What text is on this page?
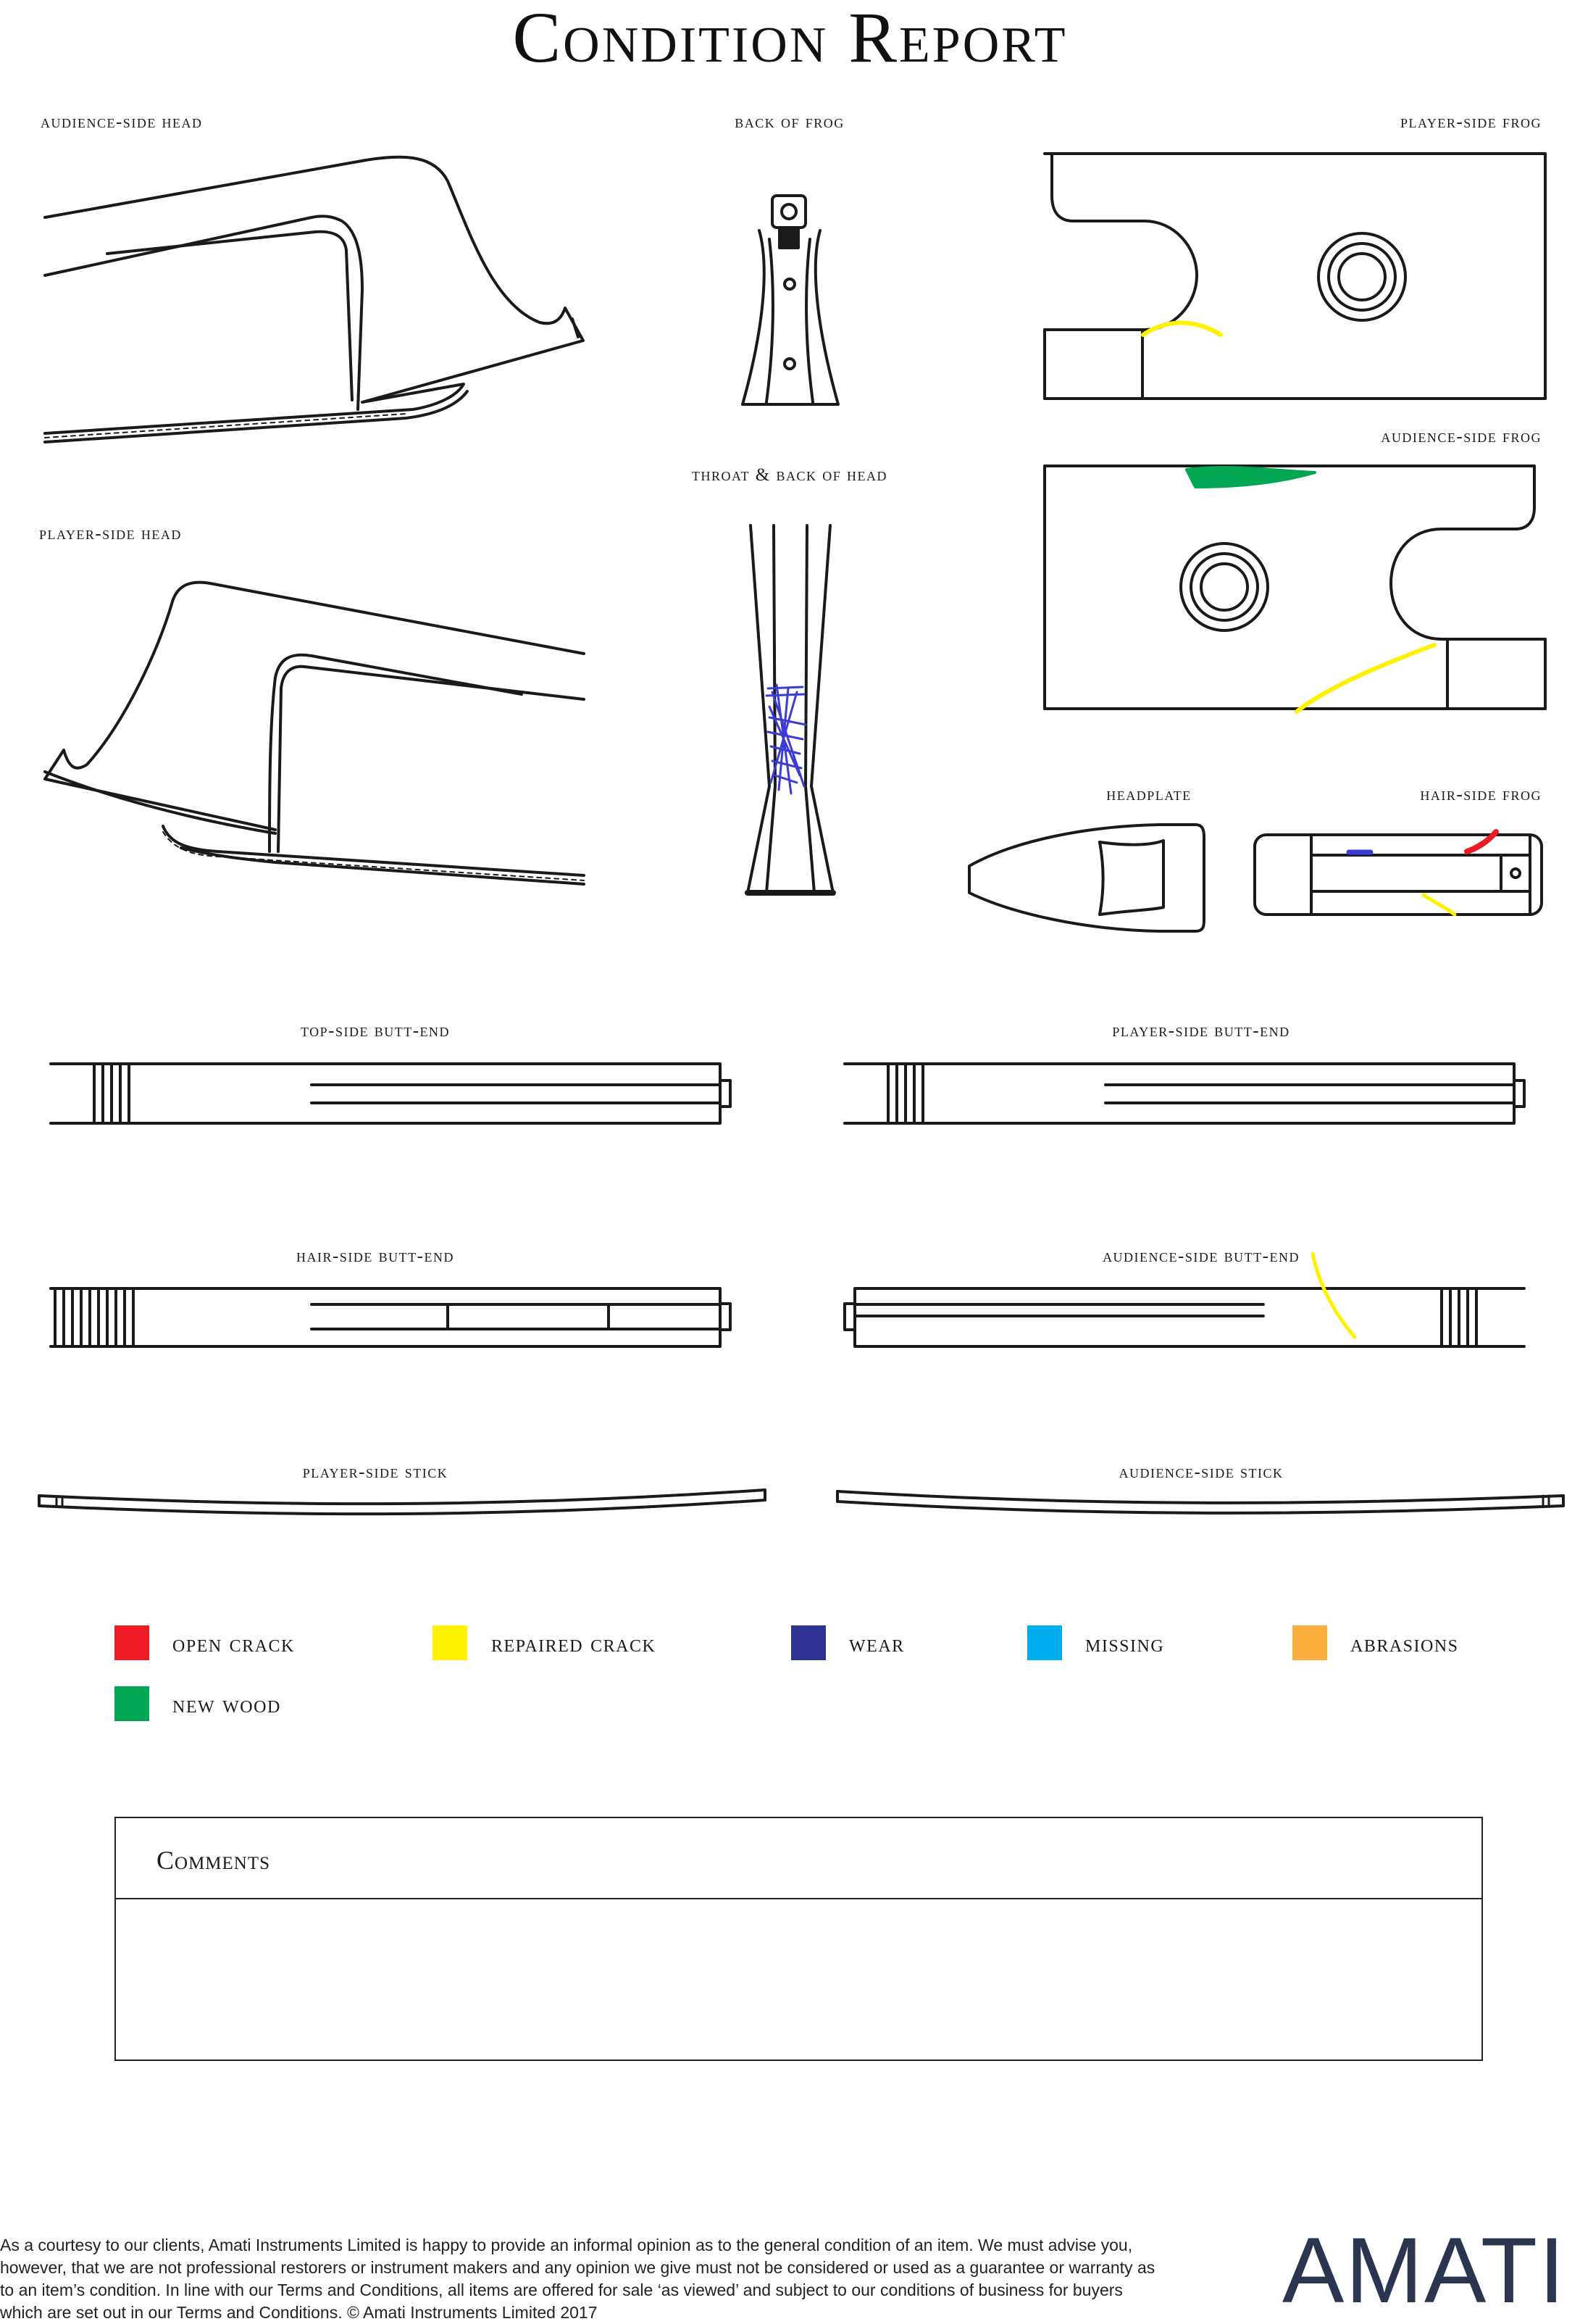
Condition Report
audience-side head	back of frog	player-side frog
throat & back of head
audience-side frog
player-side head
headplate	hair-side frog
top-side butt-end	player-side butt-end
hair-side butt-end	audience-side butt-end
player-side stick	audience-side stick
open crack	repaired crack	wear	missing	abrasions
new wood
Comments
As a courtesy to our clients, Amati Instruments Limited is happy to provide an informal opinion as to the general condition of an item. We must advise you, however, that we are not professional restorers or instrument makers and any opinion we give must not be considered or used as a guarantee or warranty as to an item’s condition. In line with our Terms and Conditions, all items are offered for sale ‘as viewed’ and subject to our conditions of business for buyers which are set out in our Terms and Conditions. © Amati Instruments Limited 2017	AMATI
